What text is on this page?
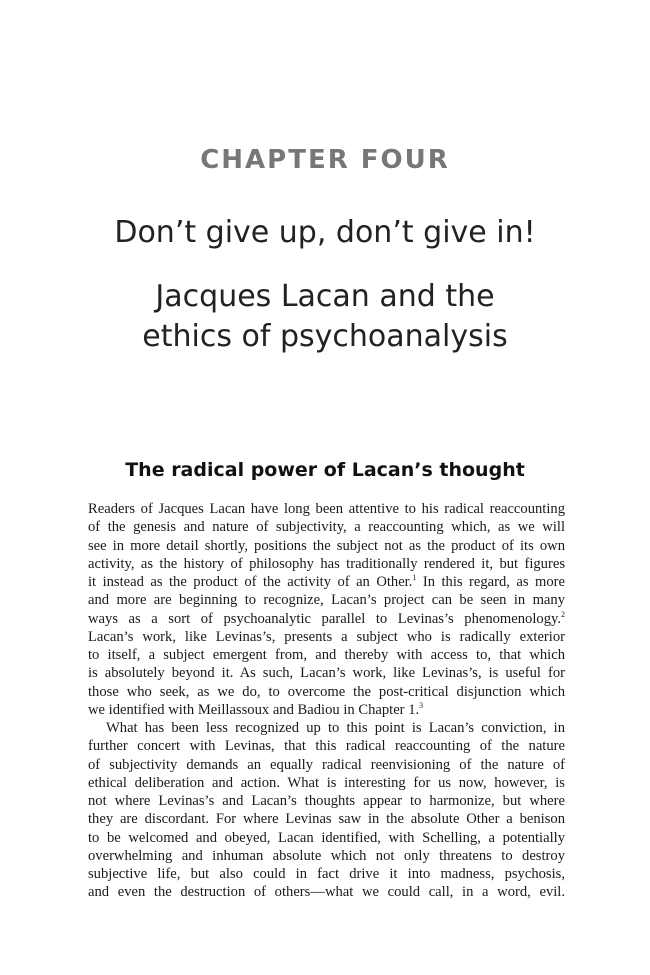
CHAPTER FOUR
Don’t give up, don’t give in!
Jacques Lacan and the
ethics of psychoanalysis
The radical power of Lacan’s thought
Readers of Jacques Lacan have long been attentive to his radical reaccounting
of the genesis and nature of subjectivity, a reaccounting which, as we will
see in more detail shortly, positions the subject not as the product of its own
activity, as the history of philosophy has traditionally rendered it, but figures
it instead as the product of the activity of an Other.$^1$ In this regard, as more
and more are beginning to recognize, Lacan’s project can be seen in many
ways as a sort of psychoanalytic parallel to Levinas’s phenomenology.$^2$
Lacan’s work, like Levinas’s, presents a subject who is radically exterior
to itself, a subject emergent from, and thereby with access to, that which
is absolutely beyond it. As such, Lacan’s work, like Levinas’s, is useful for
those who seek, as we do, to overcome the post-critical disjunction which
we identified with Meillassoux and Badiou in Chapter 1.$^3$
What has been less recognized up to this point is Lacan’s conviction, in
further concert with Levinas, that this radical reaccounting of the nature
of subjectivity demands an equally radical reenvisioning of the nature of
ethical deliberation and action. What is interesting for us now, however, is
not where Levinas’s and Lacan’s thoughts appear to harmonize, but where
they are discordant. For where Levinas saw in the absolute Other a benison
to be welcomed and obeyed, Lacan identified, with Schelling, a potentially
overwhelming and inhuman absolute which not only threatens to destroy
subjective life, but also could in fact drive it into madness, psychosis,
and even the destruction of others—what we could call, in a word, evil.
